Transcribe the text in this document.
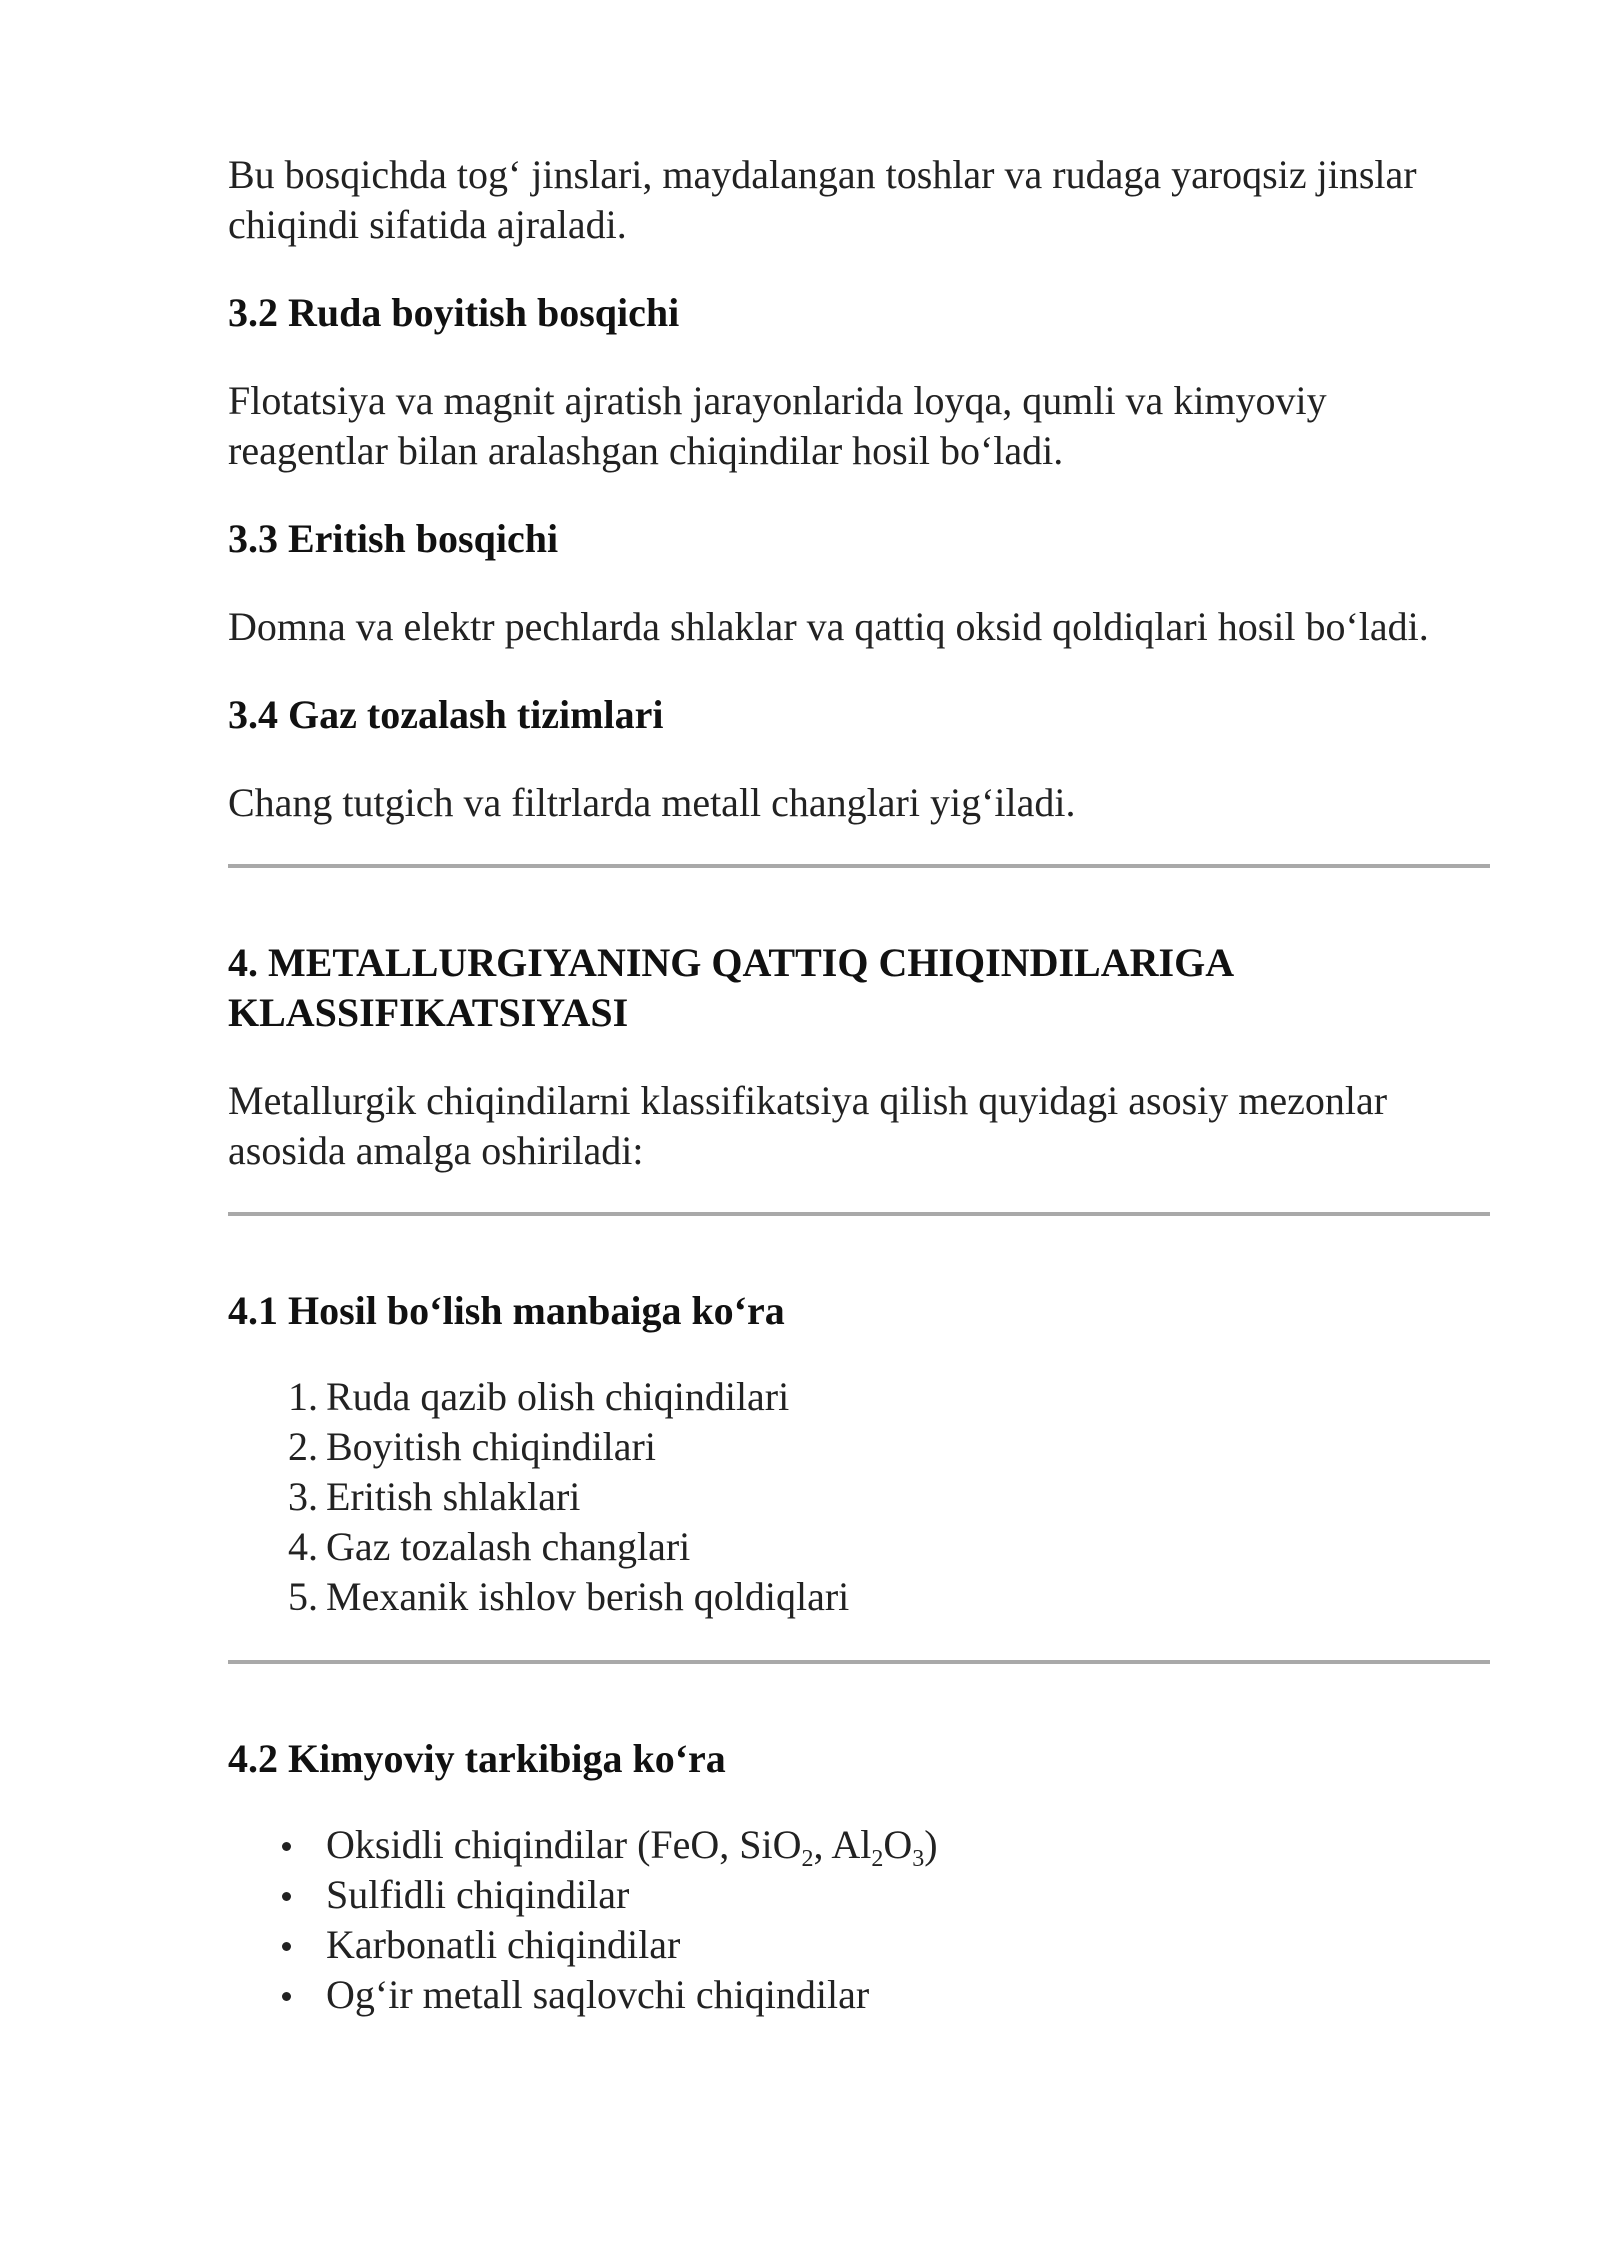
Bu bosqichda tog‘ jinslari, maydalangan toshlar va rudaga yaroqsiz jinslar chiqindi sifatida ajraladi.

3.2 Ruda boyitish bosqichi

Flotatsiya va magnit ajratish jarayonlarida loyqa, qumli va kimyoviy reagentlar bilan aralashgan chiqindilar hosil bo‘ladi.

3.3 Eritish bosqichi

Domna va elektr pechlarda shlaklar va qattiq oksid qoldiqlari hosil bo‘ladi.

3.4 Gaz tozalash tizimlari

Chang tutgich va filtrlarda metall changlari yig‘iladi.

4. METALLURGIYANING QATTIQ CHIQINDILARIGA KLASSIFIKATSIYASI

Metallurgik chiqindilarni klassifikatsiya qilish quyidagi asosiy mezonlar asosida amalga oshiriladi:

4.1 Hosil bo‘lish manbaiga ko‘ra
1. Ruda qazib olish chiqindilari
2. Boyitish chiqindilari
3. Eritish shlaklari
4. Gaz tozalash changlari
5. Mexanik ishlov berish qoldiqlari
4.2 Kimyoviy tarkibiga ko‘ra
Oksidli chiqindilar (FeO, SiO$_2$, $Al_2O_3$)
Sulfidli chiqindilar
Karbonatli chiqindilar
Og‘ir metall saqlovchi chiqindilar
